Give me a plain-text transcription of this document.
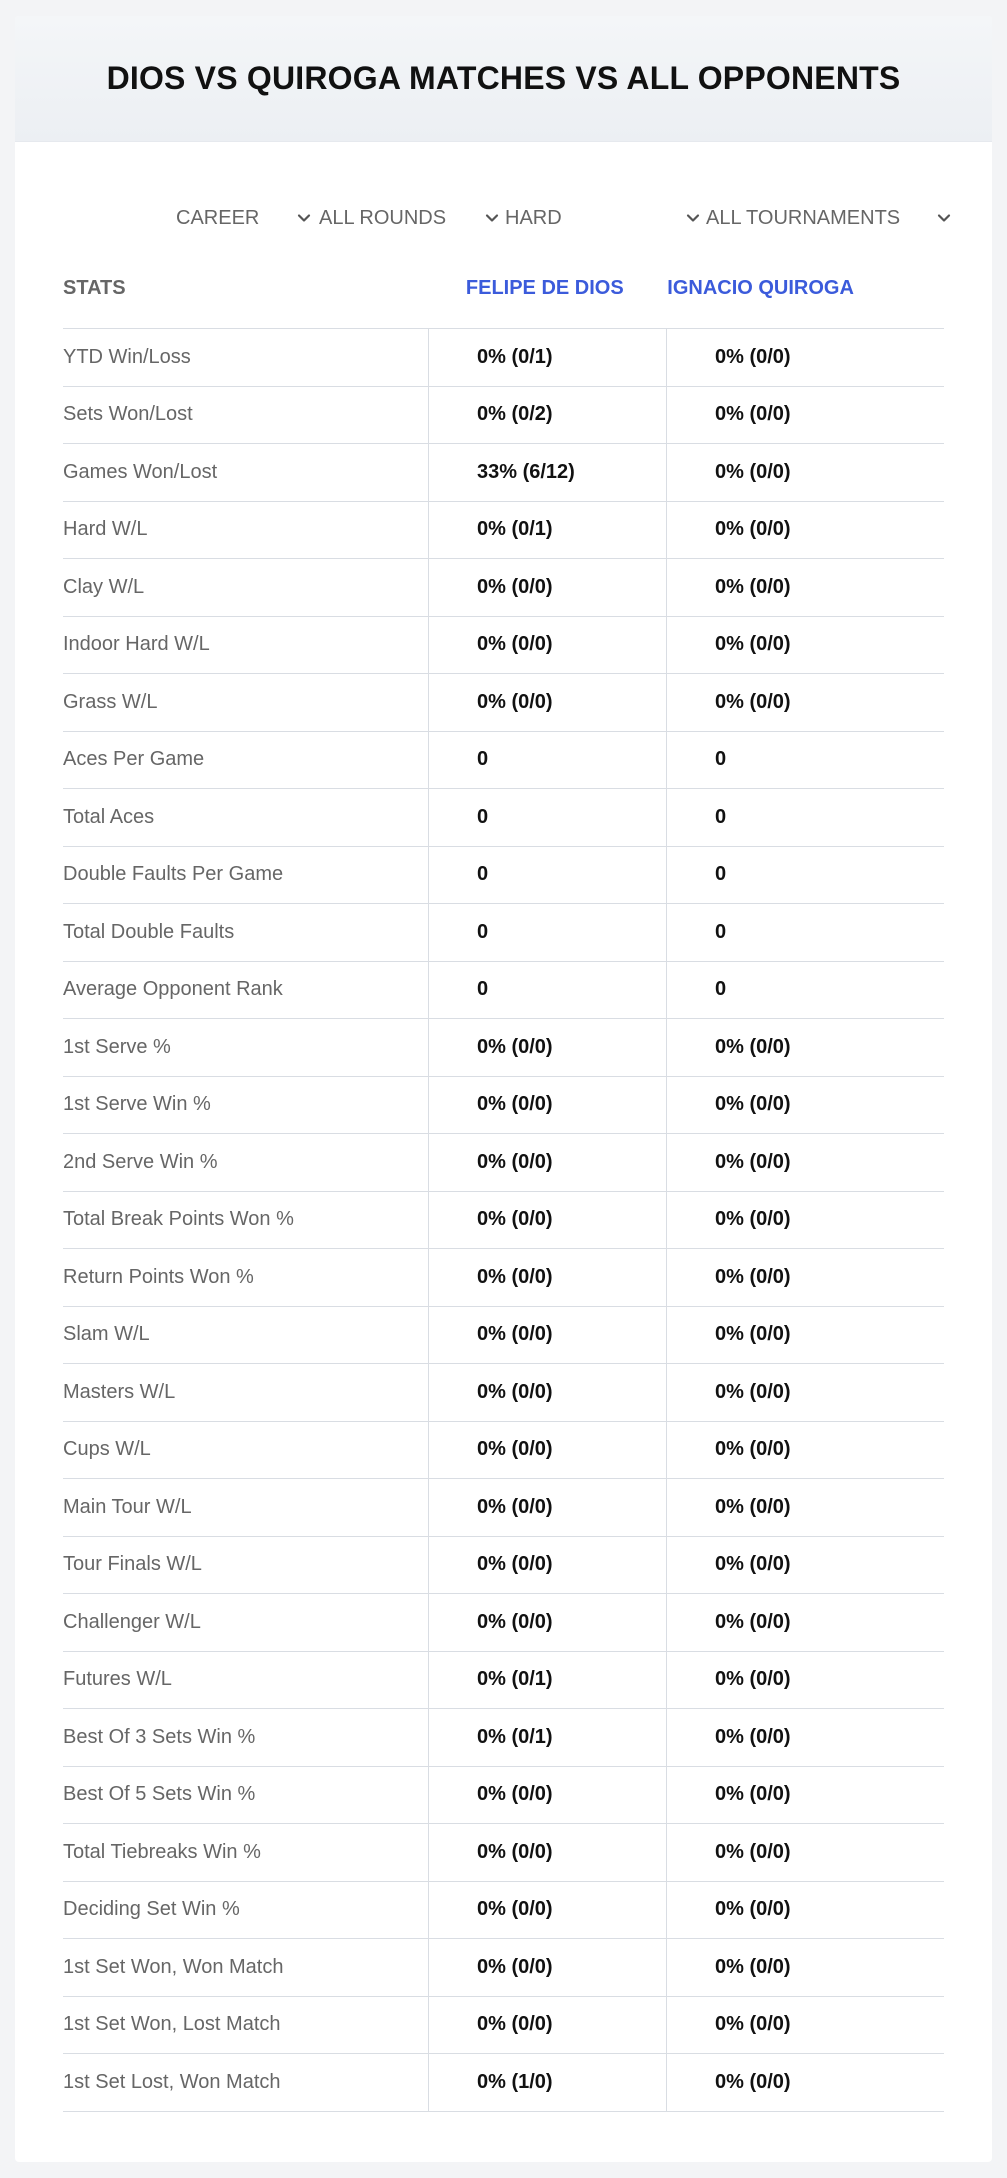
DIOS VS QUIROGA MATCHES VS ALL OPPONENTS
CAREER	ALL ROUNDS	HARD	ALL TOURNAMENTS
STATS	FELIPE DE DIOS	IGNACIO QUIROGA
YTD Win/Loss	0% (0/1)	0% (0/0)
Sets Won/Lost	0% (0/2)	0% (0/0)
Games Won/Lost	33% (6/12)	0% (0/0)
Hard W/L	0% (0/1)	0% (0/0)
Clay W/L	0% (0/0)	0% (0/0)
Indoor Hard W/L	0% (0/0)	0% (0/0)
Grass W/L	0% (0/0)	0% (0/0)
Aces Per Game	0	0
Total Aces	0	0
Double Faults Per Game	0	0
Total Double Faults	0	0
Average Opponent Rank	0	0
1st Serve %	0% (0/0)	0% (0/0)
1st Serve Win %	0% (0/0)	0% (0/0)
2nd Serve Win %	0% (0/0)	0% (0/0)
Total Break Points Won %	0% (0/0)	0% (0/0)
Return Points Won %	0% (0/0)	0% (0/0)
Slam W/L	0% (0/0)	0% (0/0)
Masters W/L	0% (0/0)	0% (0/0)
Cups W/L	0% (0/0)	0% (0/0)
Main Tour W/L	0% (0/0)	0% (0/0)
Tour Finals W/L	0% (0/0)	0% (0/0)
Challenger W/L	0% (0/0)	0% (0/0)
Futures W/L	0% (0/1)	0% (0/0)
Best Of 3 Sets Win %	0% (0/1)	0% (0/0)
Best Of 5 Sets Win %	0% (0/0)	0% (0/0)
Total Tiebreaks Win %	0% (0/0)	0% (0/0)
Deciding Set Win %	0% (0/0)	0% (0/0)
1st Set Won, Won Match	0% (0/0)	0% (0/0)
1st Set Won, Lost Match	0% (0/0)	0% (0/0)
1st Set Lost, Won Match	0% (1/0)	0% (0/0)
